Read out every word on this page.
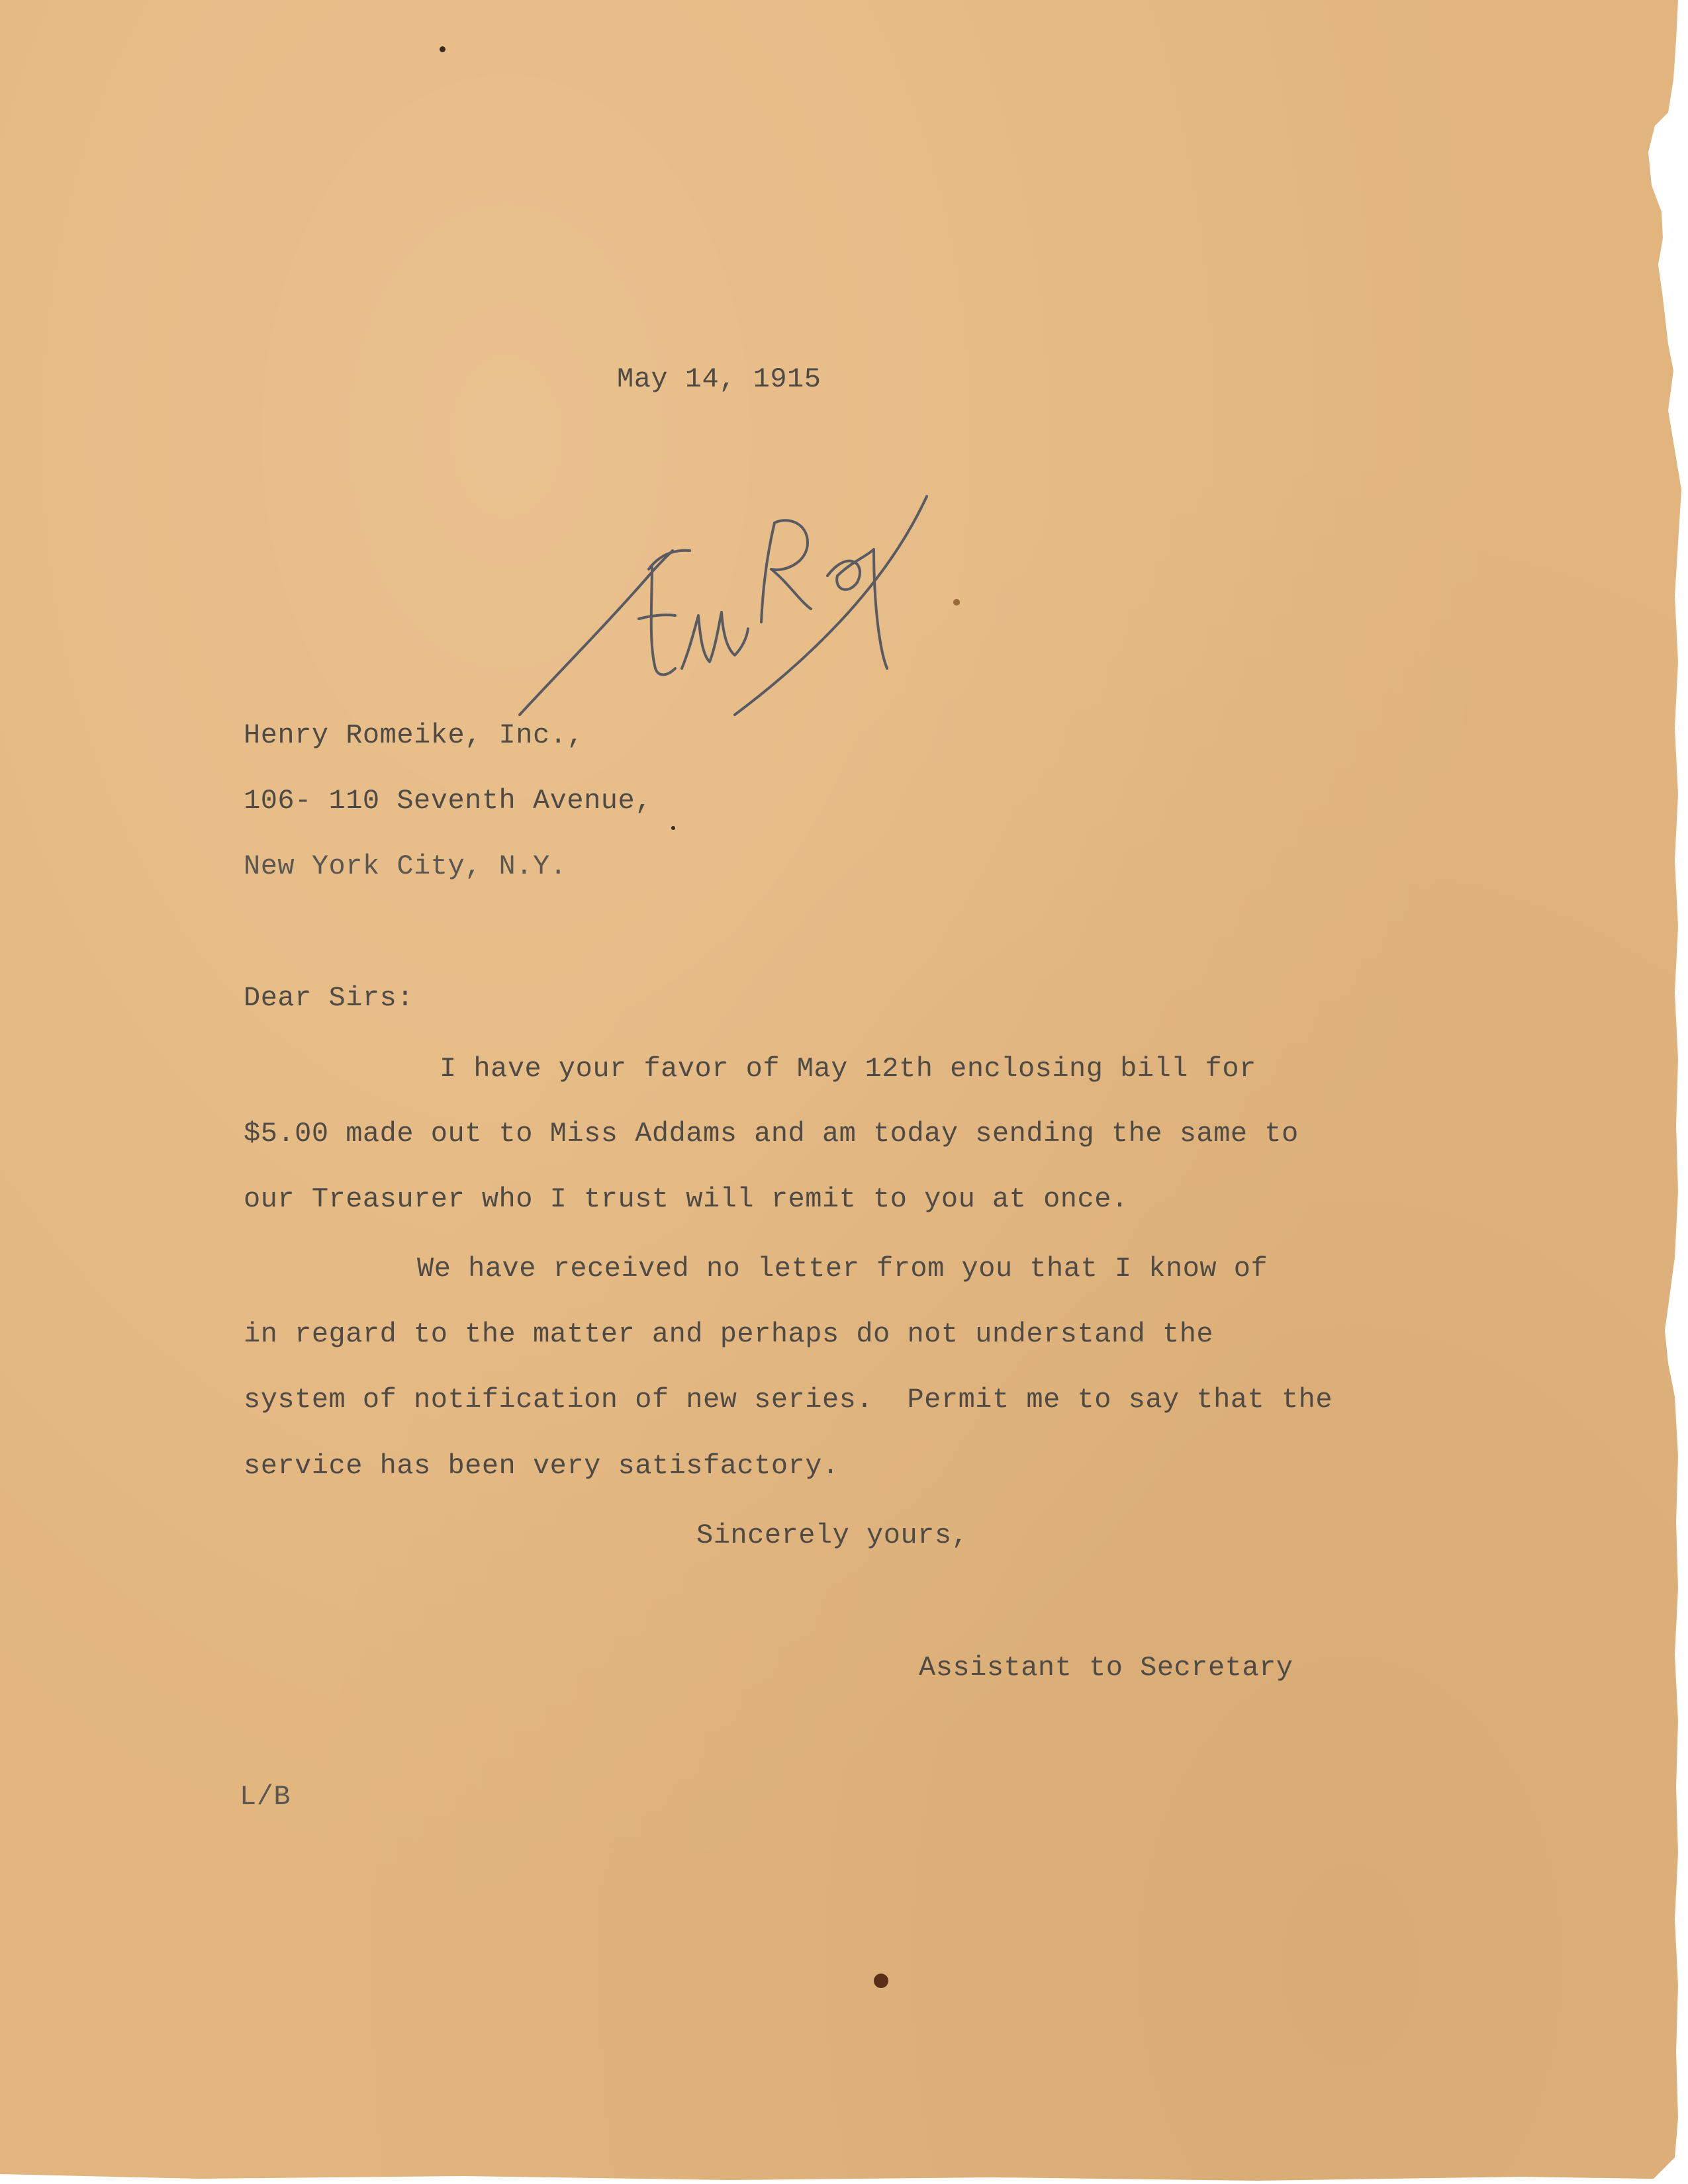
May 14, 1915

Henry Romeike, Inc.,

106- 110 Seventh Avenue,

New York City, N.Y.

Dear Sirs:

I have your favor of May 12th enclosing bill for

$5.00 made out to Miss Addams and am today sending the same to

our Treasurer who I trust will remit to you at once.

We have received no letter from you that I know of

in regard to the matter and perhaps do not understand the

system of notification of new series.  Permit me to say that the

service has been very satisfactory.

Sincerely yours,

Assistant to Secretary

L/B
